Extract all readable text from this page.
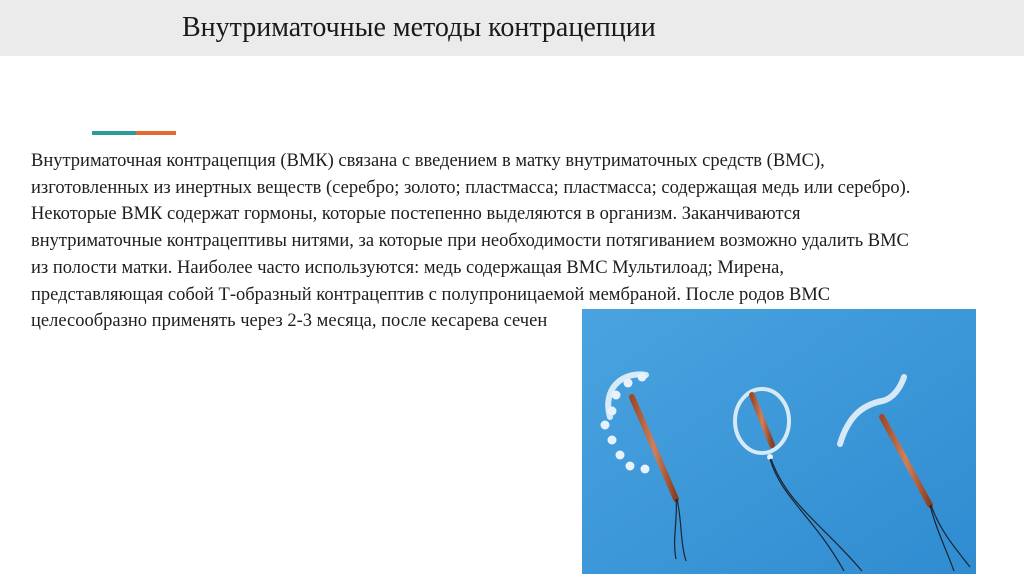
Внутриматочные методы контрацепции

Внутриматочная контрацепция (ВМК) связана с введением в матку внутриматочных средств (ВМС),
изготовленных из инертных веществ (серебро; золото; пластмасса; пластмасса; содержащая медь или серебро).
Некоторые ВМК содержат гормоны, которые постепенно выделяются в организм. Заканчиваются
внутриматочные контрацептивы нитями, за которые при необходимости потягиванием возможно удалить ВМС
из полости матки. Наиболее часто используются: медь содержащая ВМС Мультилоад; Мирена,
представляющая собой Т-образный контрацептив с полупроницаемой мембраной. После родов ВМС
целесообразно применять через 2-3 месяца, после кесарева сечен
